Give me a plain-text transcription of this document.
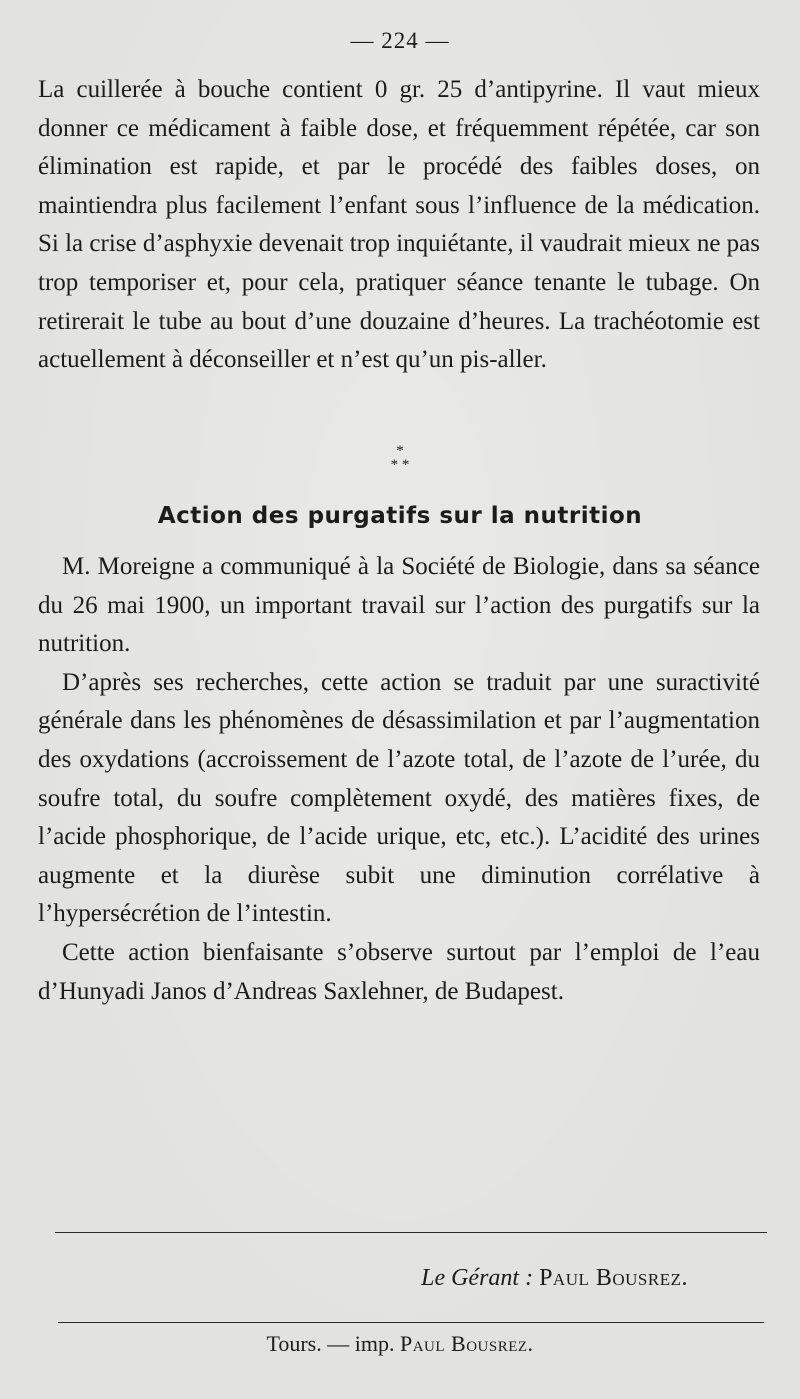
— 224 —

La cuillerée à bouche contient 0 gr. 25 d’antipyrine. Il vaut mieux donner ce médicament à faible dose, et fréquemment répétée, car son élimination est rapide, et par le procédé des faibles doses, on maintiendra plus facilement l’enfant sous l’influence de la médication. Si la crise d’asphyxie devenait trop inquiétante, il vaudrait mieux ne pas trop temporiser et, pour cela, pratiquer séance tenante le tubage. On retirerait le tube au bout d’une douzaine d’heures. La trachéotomie est actuellement à déconseiller et n’est qu’un pis-aller.

*
* *
Action des purgatifs sur la nutrition

M. Moreigne a communiqué à la Société de Biologie, dans sa séance du 26 mai 1900, un important travail sur l’action des purgatifs sur la nutrition.

D’après ses recherches, cette action se traduit par une suractivité générale dans les phénomènes de désassimilation et par l’augmentation des oxydations (accroissement de l’azote total, de l’azote de l’urée, du soufre total, du soufre complètement oxydé, des matières fixes, de l’acide phosphorique, de l’acide urique, etc, etc.). L’acidité des urines augmente et la diurèse subit une diminution corrélative à l’hypersécrétion de l’intestin.

Cette action bienfaisante s’observe surtout par l’emploi de l’eau d’Hunyadi Janos d’Andreas Saxlehner, de Budapest.

Le Gérant : Paul Bousrez.
Tours. — imp. Paul Bousrez.
